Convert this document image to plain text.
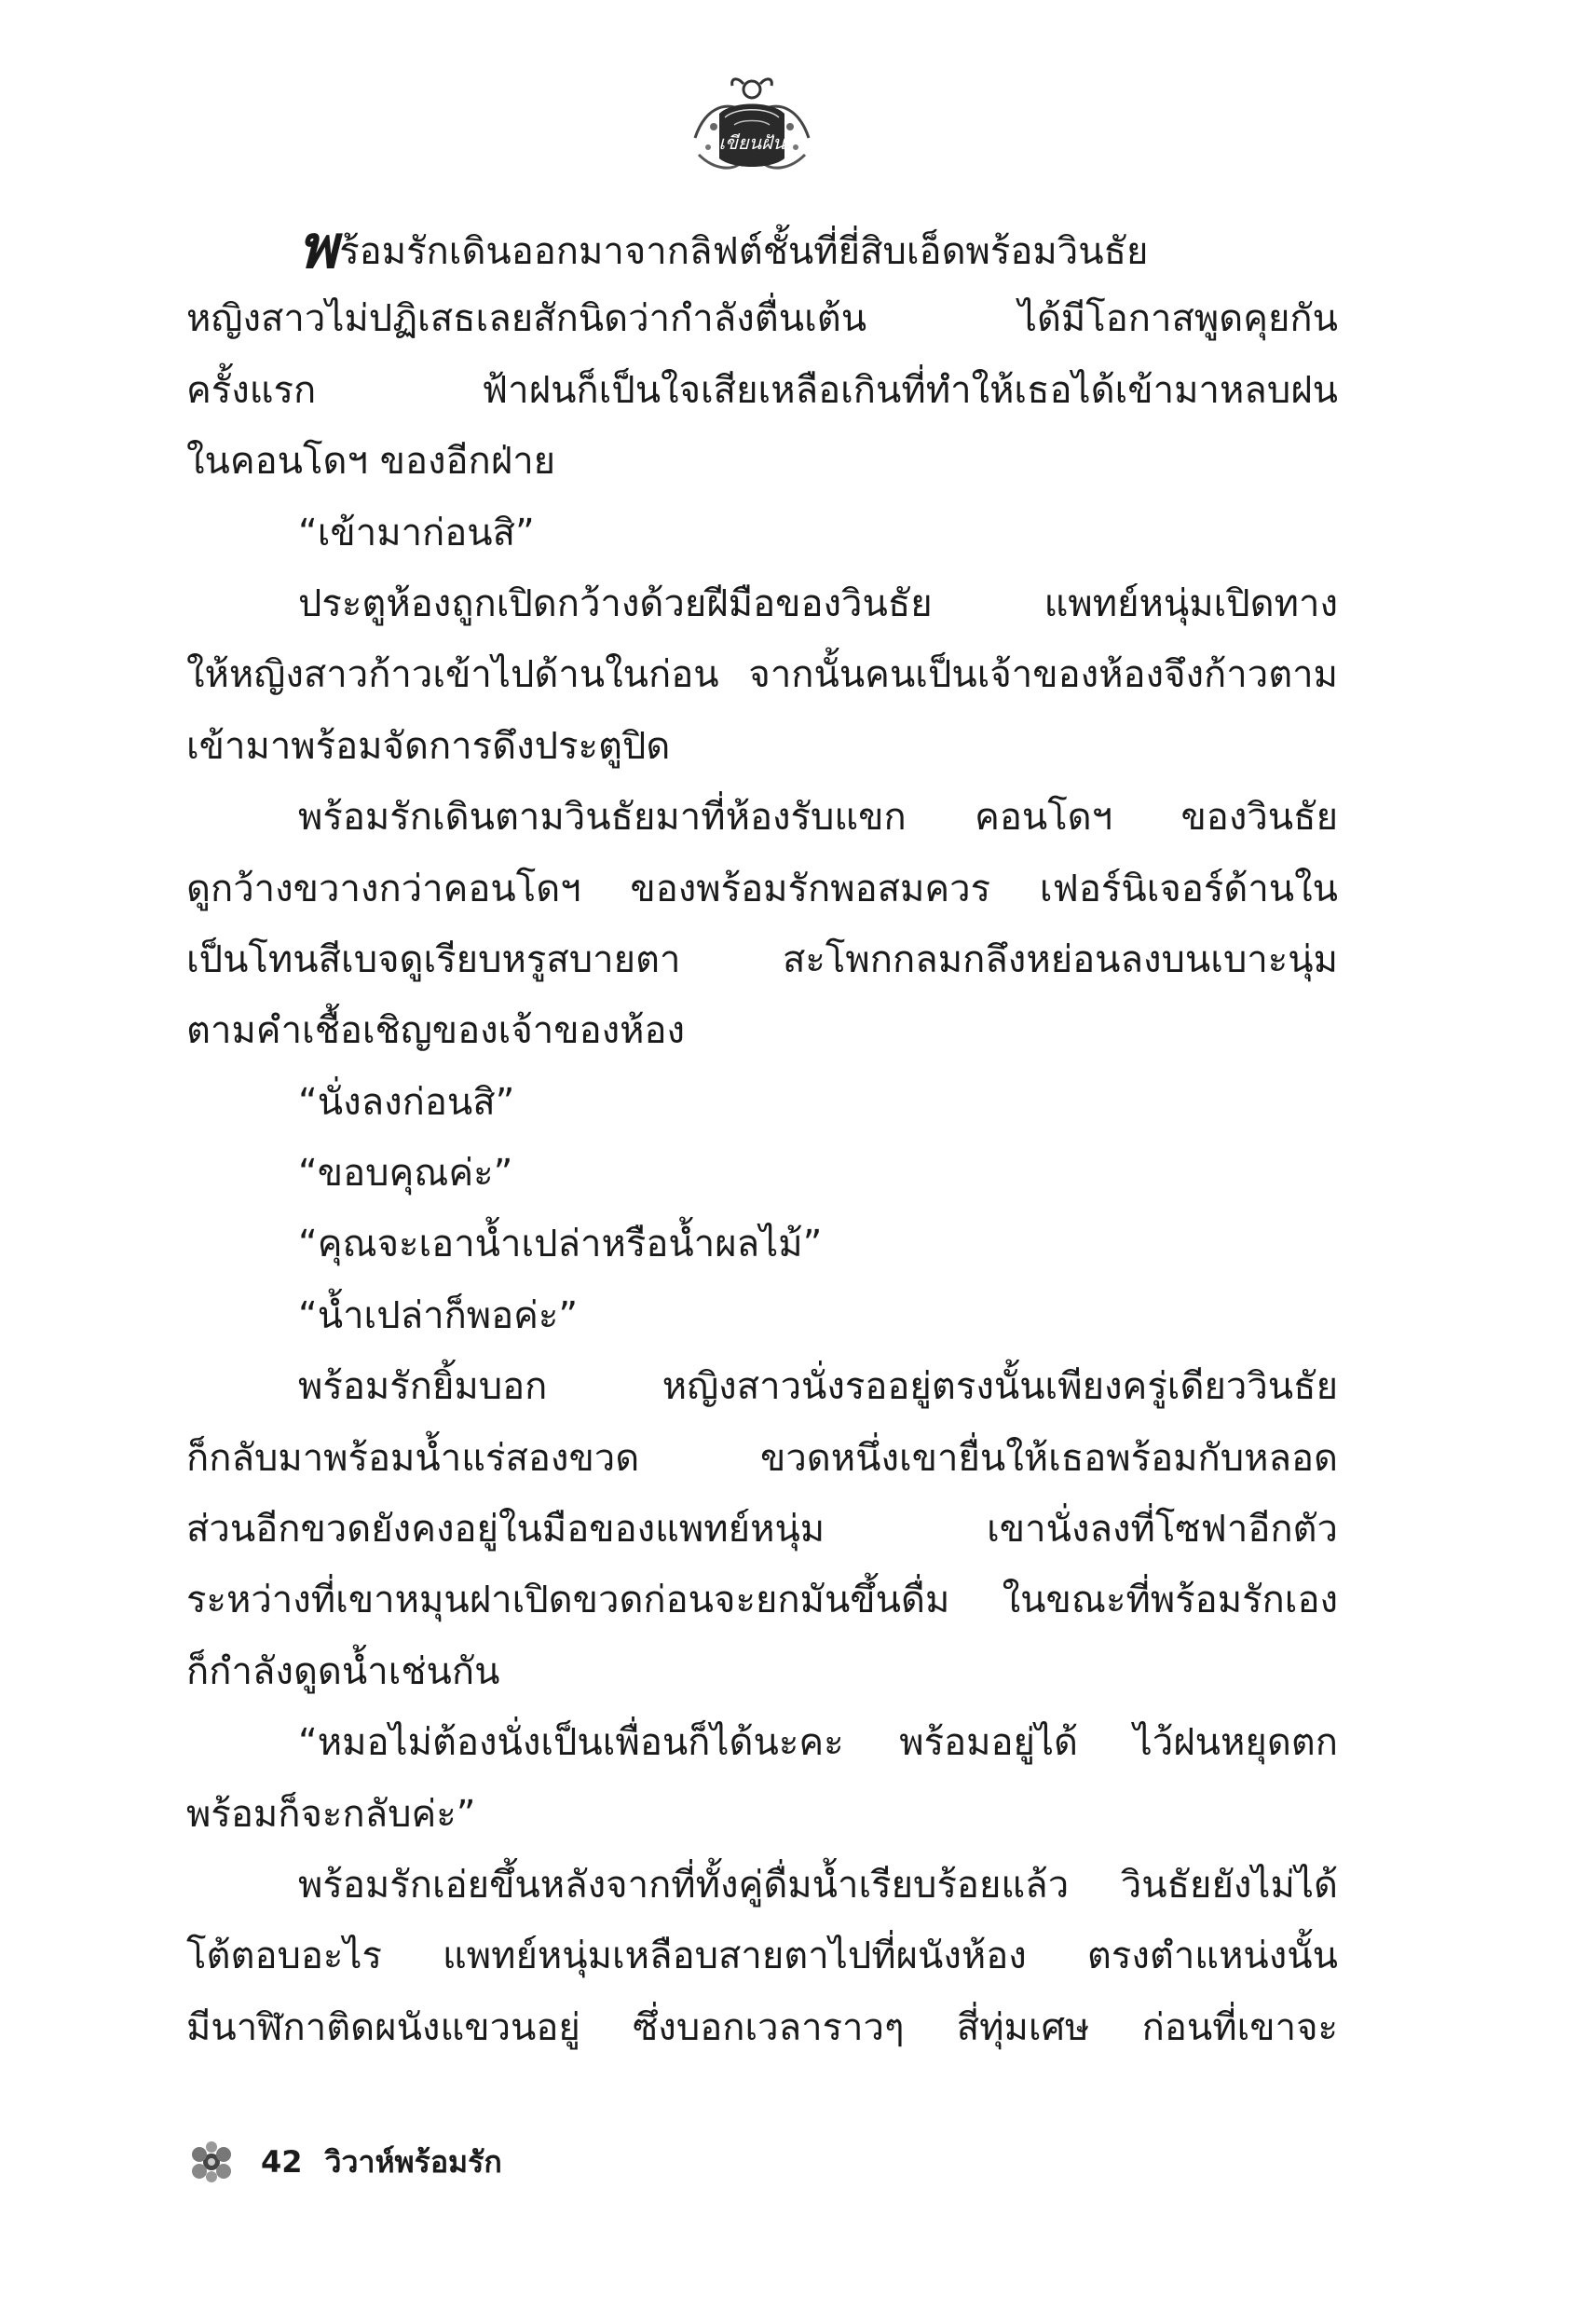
เขียนฝัน
พร้อมรักเดินออกมาจากลิฟต์ชั้นที่ยี่สิบเอ็ดพร้อมวินธัย
หญิงสาวไม่ปฏิเสธเลยสักนิดว่ากำลังตื่นเต้น ได้มีโอกาสพูดคุยกัน
ครั้งแรก ฟ้าฝนก็เป็นใจเสียเหลือเกินที่ทำให้เธอได้เข้ามาหลบฝน
ในคอนโดฯ ของอีกฝ่าย
“เข้ามาก่อนสิ”
ประตูห้องถูกเปิดกว้างด้วยฝีมือของวินธัย แพทย์หนุ่มเปิดทาง
ให้หญิงสาวก้าวเข้าไปด้านในก่อน จากนั้นคนเป็นเจ้าของห้องจึงก้าวตาม
เข้ามาพร้อมจัดการดึงประตูปิด
พร้อมรักเดินตามวินธัยมาที่ห้องรับแขก คอนโดฯ ของวินธัย
ดูกว้างขวางกว่าคอนโดฯ ของพร้อมรักพอสมควร เฟอร์นิเจอร์ด้านใน
เป็นโทนสีเบจดูเรียบหรูสบายตา สะโพกกลมกลึงหย่อนลงบนเบาะนุ่ม
ตามคำเชื้อเชิญของเจ้าของห้อง
“นั่งลงก่อนสิ”
“ขอบคุณค่ะ”
“คุณจะเอาน้ำเปล่าหรือน้ำผลไม้”
“น้ำเปล่าก็พอค่ะ”
พร้อมรักยิ้มบอก หญิงสาวนั่งรออยู่ตรงนั้นเพียงครู่เดียววินธัย
ก็กลับมาพร้อมน้ำแร่สองขวด ขวดหนึ่งเขายื่นให้เธอพร้อมกับหลอด
ส่วนอีกขวดยังคงอยู่ในมือของแพทย์หนุ่ม เขานั่งลงที่โซฟาอีกตัว
ระหว่างที่เขาหมุนฝาเปิดขวดก่อนจะยกมันขึ้นดื่ม ในขณะที่พร้อมรักเอง
ก็กำลังดูดน้ำเช่นกัน
“หมอไม่ต้องนั่งเป็นเพื่อนก็ได้นะคะ พร้อมอยู่ได้ ไว้ฝนหยุดตก
พร้อมก็จะกลับค่ะ”
พร้อมรักเอ่ยขึ้นหลังจากที่ทั้งคู่ดื่มน้ำเรียบร้อยแล้ว วินธัยยังไม่ได้
โต้ตอบอะไร แพทย์หนุ่มเหลือบสายตาไปที่ผนังห้อง ตรงตำแหน่งนั้น
มีนาฬิกาติดผนังแขวนอยู่ ซึ่งบอกเวลาราวๆ สี่ทุ่มเศษ ก่อนที่เขาจะ
42 วิวาห์พร้อมรัก
